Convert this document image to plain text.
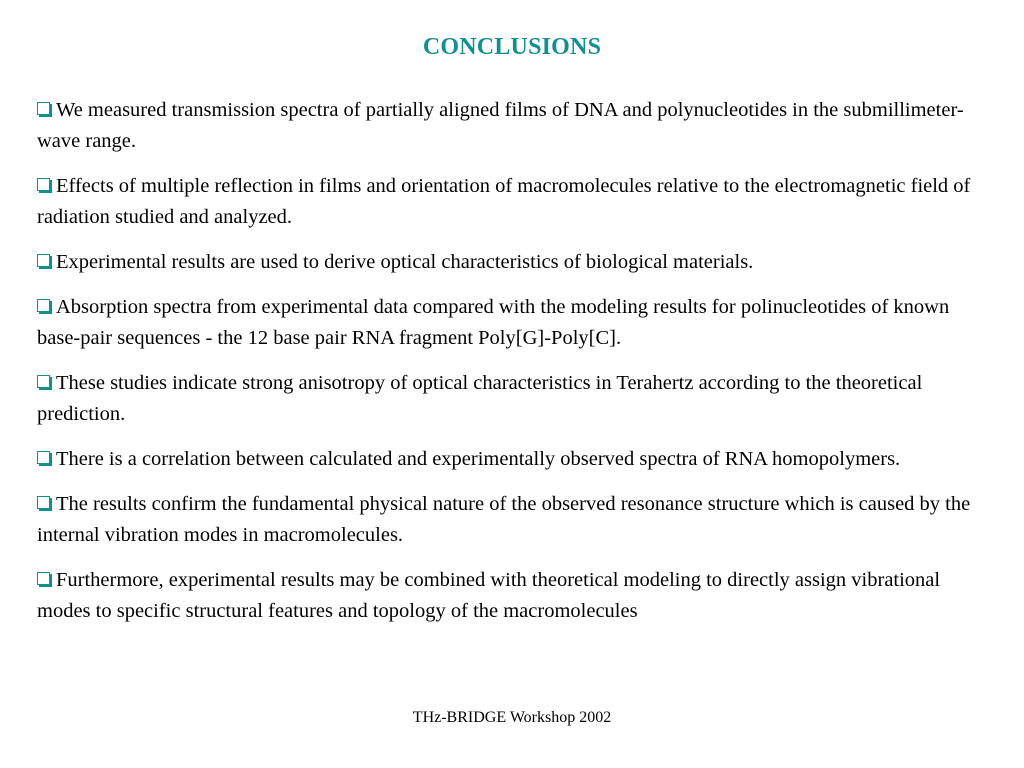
CONCLUSIONS

We measured transmission spectra of partially aligned films of DNA and polynucleotides in the submillimeter-wave range.

Effects of multiple reflection in films and orientation of macromolecules relative to the electromagnetic field of radiation studied and analyzed.

Experimental results are used to derive optical characteristics of biological materials.

Absorption spectra from experimental data compared with the modeling results for polinucleotides of known base-pair sequences - the 12 base pair RNA fragment Poly[G]-Poly[C].

These studies indicate strong anisotropy of optical characteristics in Terahertz according to the theoretical prediction.

There is a correlation between calculated and experimentally observed spectra of RNA homopolymers.

The results confirm the fundamental physical nature of the observed resonance structure which is caused by the internal vibration modes in macromolecules.

Furthermore, experimental results may be combined with theoretical modeling to directly assign vibrational modes to specific structural features and topology of the macromolecules

THz-BRIDGE Workshop 2002
